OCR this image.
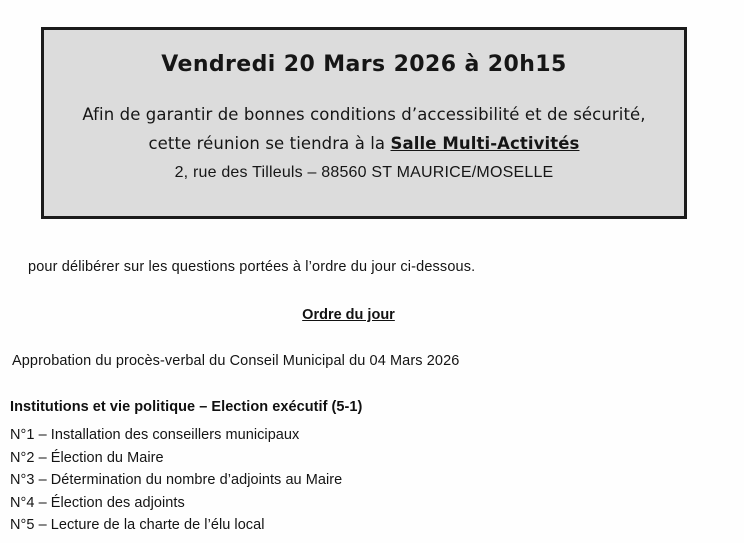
Vendredi 20 Mars 2026 à 20h15
Afin de garantir de bonnes conditions d’accessibilité et de sécurité,
cette réunion se tiendra à la Salle Multi-Activités
2, rue des Tilleuls – 88560 ST MAURICE/MOSELLE
pour délibérer sur les questions portées à l’ordre du jour ci-dessous.
Ordre du jour
Approbation du procès-verbal du Conseil Municipal du 04 Mars 2026
Institutions et vie politique – Election exécutif (5-1)
N°1 – Installation des conseillers municipaux
N°2 – Élection du Maire
N°3 – Détermination du nombre d’adjoints au Maire
N°4 – Élection des adjoints
N°5 – Lecture de la charte de l’élu local
